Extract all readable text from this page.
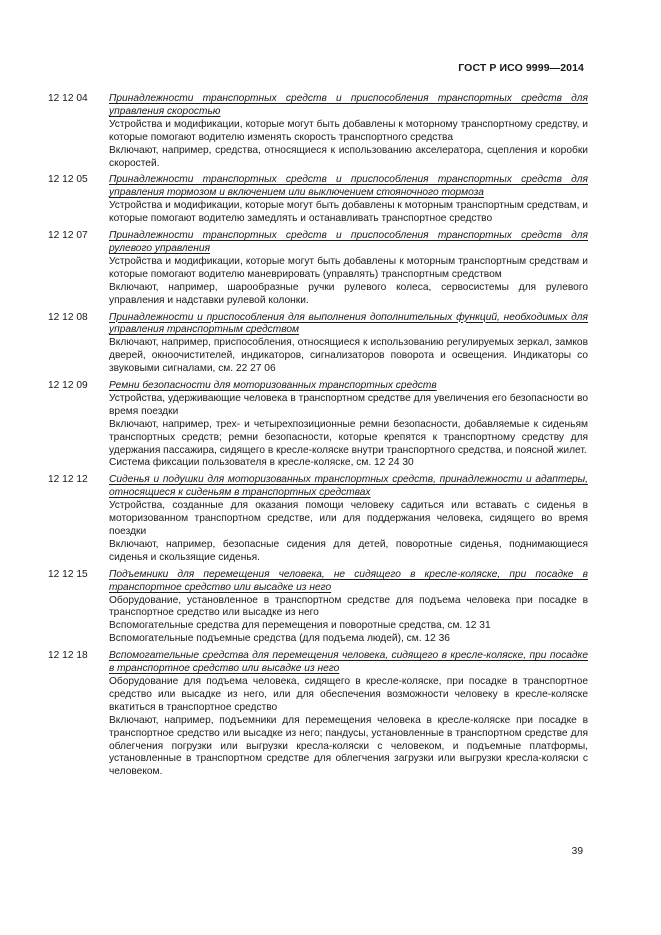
ГОСТ Р ИСО 9999—2014
12 12 04	Принадлежности транспортных средств и приспособления транспортных средств для управления скоростью

Устройства и модификации, которые могут быть добавлены к моторному транспортному средству, и которые помогают водителю изменять скорость транспортного средства

Включают, например, средства, относящиеся к использованию акселератора, сцепления и коробки скоростей.

12 12 05	Принадлежности транспортных средств и приспособления транспортных средств для управления тормозом и включением или выключением стояночного тормоза

Устройства и модификации, которые могут быть добавлены к моторным транспортным средствам, и которые помогают водителю замедлять и останавливать транспортное средство

12 12 07	Принадлежности транспортных средств и приспособления транспортных средств для рулевого управления

Устройства и модификации, которые могут быть добавлены к моторным транспортным средствам и которые помогают водителю маневрировать (управлять) транспортным средством

Включают, например, шарообразные ручки рулевого колеса, сервосистемы для рулевого управления и надставки рулевой колонки.

12 12 08	Принадлежности и приспособления для выполнения дополнительных функций, необходимых для управления транспортным средством

Включают, например, приспособления, относящиеся к использованию регулируемых зеркал, замков дверей, окноочистителей, индикаторов, сигнализаторов поворота и освещения. Индикаторы со звуковыми сигналами, см. 22 27 06

12 12 09	Ремни безопасности для моторизованных транспортных средств

Устройства, удерживающие человека в транспортном средстве для увеличения его безопасности во время поездки

Включают, например, трех- и четырехпозиционные ремни безопасности, добавляемые к сиденьям транспортных средств; ремни безопасности, которые крепятся к транспортному средству для удержания пассажира, сидящего в кресле-коляске внутри транспортного средства, и поясной жилет.

Система фиксации пользователя в кресле-коляске, см. 12 24 30

12 12 12	Сиденья и подушки для моторизованных транспортных средств, принадлежности и адаптеры, относящиеся к сиденьям в транспортных средствах

Устройства, созданные для оказания помощи человеку садиться или вставать с сиденья в моторизованном транспортном средстве, или для поддержания человека, сидящего во время поездки

Включают, например, безопасные сидения для детей, поворотные сиденья, поднимающиеся сиденья и скользящие сиденья.

12 12 15	Подъемники для перемещения человека, не сидящего в кресле-коляске, при посадке в транспортное средство или высадке из него

Оборудование, установленное в транспортном средстве для подъема человека при посадке в транспортное средство или высадке из него

Вспомогательные средства для перемещения и поворотные средства, см. 12 31

Вспомогательные подъемные средства (для подъема людей), см. 12 36

12 12 18	Вспомогательные средства для перемещения человека, сидящего в кресле-коляске, при посадке в транспортное средство или высадке из него

Оборудование для подъема человека, сидящего в кресле-коляске, при посадке в транспортное средство или высадке из него, или для обеспечения возможности человеку в кресле-коляске вкатиться в транспортное средство

Включают, например, подъемники для перемещения человека в кресле-коляске при посадке в транспортное средство или высадке из него; пандусы, установленные в транспортном средстве для облегчения погрузки или выгрузки кресла-коляски с человеком, и подъемные платформы, установленные в транспортном средстве для облегчения загрузки или выгрузки кресла-коляски с человеком.

39
